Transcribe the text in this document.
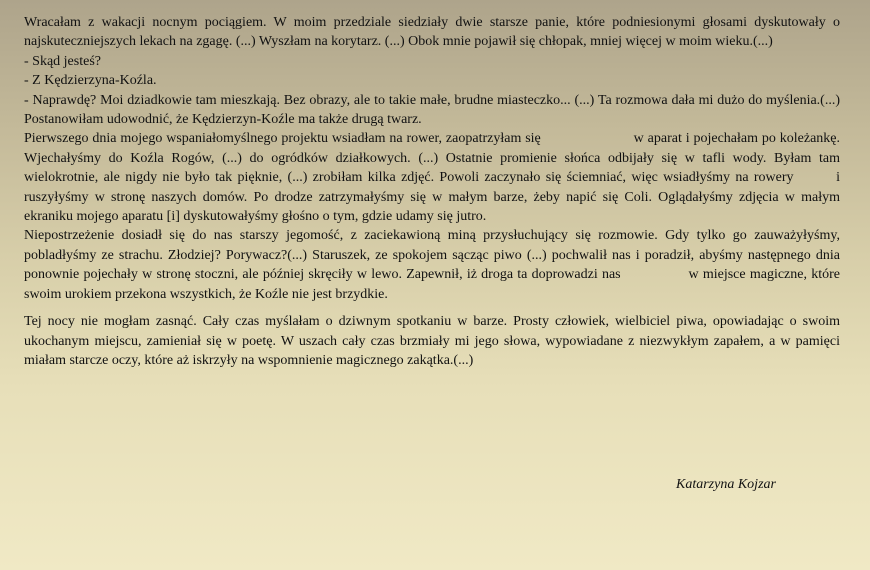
Wracałam z wakacji nocnym pociągiem. W moim przedziale siedziały dwie starsze panie, które podniesionymi głosami dyskutowały o najskuteczniejszych lekach na zgagę. (...) Wyszłam na korytarz. (...) Obok mnie pojawił się chłopak, mniej więcej w moim wieku.(...)

- Skąd jesteś?

- Z Kędzierzyna-Koźla.

- Naprawdę? Moi dziadkowie tam mieszkają. Bez obrazy, ale to takie małe, brudne miasteczko... (...) Ta rozmowa dała mi dużo do myślenia.(...) Postanowiłam udowodnić, że Kędzierzyn-Koźle ma także drugą twarz.

Pierwszego dnia mojego wspaniałomyślnego projektu wsiadłam na rower, zaopatrzyłam się                        w aparat i pojechałam po koleżankę. Wjechałyśmy do Koźla Rogów, (...) do ogródków działkowych. (...) Ostatnie promienie słońca odbijały się w tafli wody. Byłam tam wielokrotnie, ale nigdy nie było tak pięknie, (...) zrobiłam kilka zdjęć. Powoli zaczynało się ściemniać, więc wsiadłyśmy na rowery        i ruszyłyśmy w stronę naszych domów. Po drodze zatrzymałyśmy się w małym barze, żeby napić się Coli. Oglądałyśmy zdjęcia w małym ekraniku mojego aparatu [i] dyskutowałyśmy głośno o tym, gdzie udamy się jutro.

Niepostrzeżenie dosiadł się do nas starszy jegomość, z zaciekawioną miną przysłuchujący się rozmowie. Gdy tylko go zauważyłyśmy, pobladłyśmy ze strachu. Złodziej? Porywacz?(...) Staruszek, ze spokojem sącząc piwo (...) pochwalił nas i poradził, abyśmy następnego dnia ponownie pojechały w stronę stoczni, ale później skręciły w lewo. Zapewnił, iż droga ta doprowadzi nas                w miejsce magiczne, które swoim urokiem przekona wszystkich, że Koźle nie jest brzydkie.

Tej nocy nie mogłam zasnąć. Cały czas myślałam o dziwnym spotkaniu w barze. Prosty człowiek, wielbiciel piwa, opowiadając o swoim ukochanym miejscu, zamieniał się w poetę. W uszach cały czas brzmiały mi jego słowa, wypowiadane z niezwykłym zapałem, a w pamięci miałam starcze oczy, które aż iskrzyły na wspomnienie magicznego zakątka.(...)

Katarzyna Kojzar
